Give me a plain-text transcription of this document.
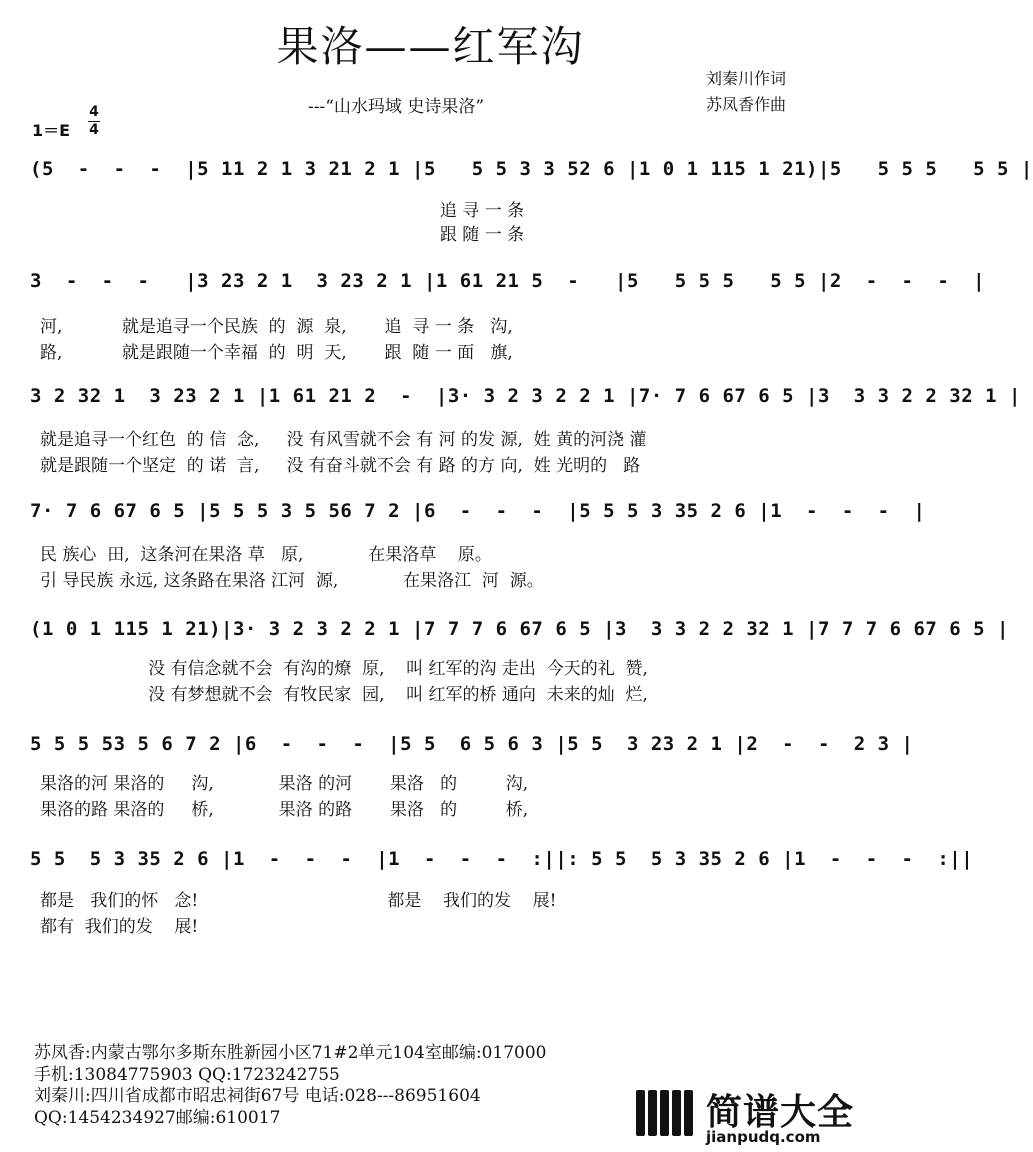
果洛——红军沟
---“山水玛域 史诗果洛”
刘秦川作词
苏凤香作曲
1＝E
4
4
(5  -  -  -  |5 11 2 1 3 21 2 1 |5   5 5 3 3 52 6 |1 0 1 115 1 21)|5   5 5 5   5 5 |
追 寻 一 条
跟 随 一 条
3  -  -  -   |3 23 2 1  3 23 2 1 |1 61 21 5  -   |5   5 5 5   5 5 |2  -  -  -  |
河,           就是追寻一个民族  的  源  泉,       追  寻 一 条   沟,
路,           就是跟随一个幸福  的  明  天,       跟  随 一 面   旗,
3 2 32 1  3 23 2 1 |1 61 21 2  -  |3· 3 2 3 2 2 1 |7· 7 6 67 6 5 |3  3 3 2 2 32 1 |
就是追寻一个红色  的 信  念,     没 有风雪就不会 有 河 的发 源,  姓 黄的河浇 灌
就是跟随一个坚定  的 诺  言,     没 有奋斗就不会 有 路 的方 向,  姓 光明的   路
7· 7 6 67 6 5 |5 5 5 3 5 56 7 2 |6  -  -  -  |5 5 5 3 35 2 6 |1  -  -  -  |
民 族心  田,  这条河在果洛 草   原,            在果洛草    原。
引 导民族 永远, 这条路在果洛 江河  源,            在果洛江  河  源。
(1 0 1 115 1 21)|3· 3 2 3 2 2 1 |7 7 7 6 67 6 5 |3  3 3 2 2 32 1 |7 7 7 6 67 6 5 |
没 有信念就不会  有沟的燎  原,    叫 红军的沟 走出  今天的礼  赞,
没 有梦想就不会  有牧民家  园,    叫 红军的桥 通向  未来的灿  烂,
5 5 5 53 5 6 7 2 |6  -  -  -  |5 5  6 5 6 3 |5 5  3 23 2 1 |2  -  -  2 3 |
果洛的河 果洛的     沟,            果洛 的河       果洛   的         沟,
果洛的路 果洛的     桥,            果洛 的路       果洛   的         桥,
5 5  5 3 35 2 6 |1  -  -  -  |1  -  -  -  :||: 5 5  5 3 35 2 6 |1  -  -  -  :||
都是   我们的怀   念!                                   都是    我们的发    展!
都有  我们的发    展!
苏凤香:内蒙古鄂尔多斯东胜新园小区71#2单元104室邮编:017000
手机:13084775903 QQ:1723242755
刘秦川:四川省成都市昭忠祠街67号 电话:028---86951604
QQ:1454234927邮编:610017	简谱大全
jianpudq.com
